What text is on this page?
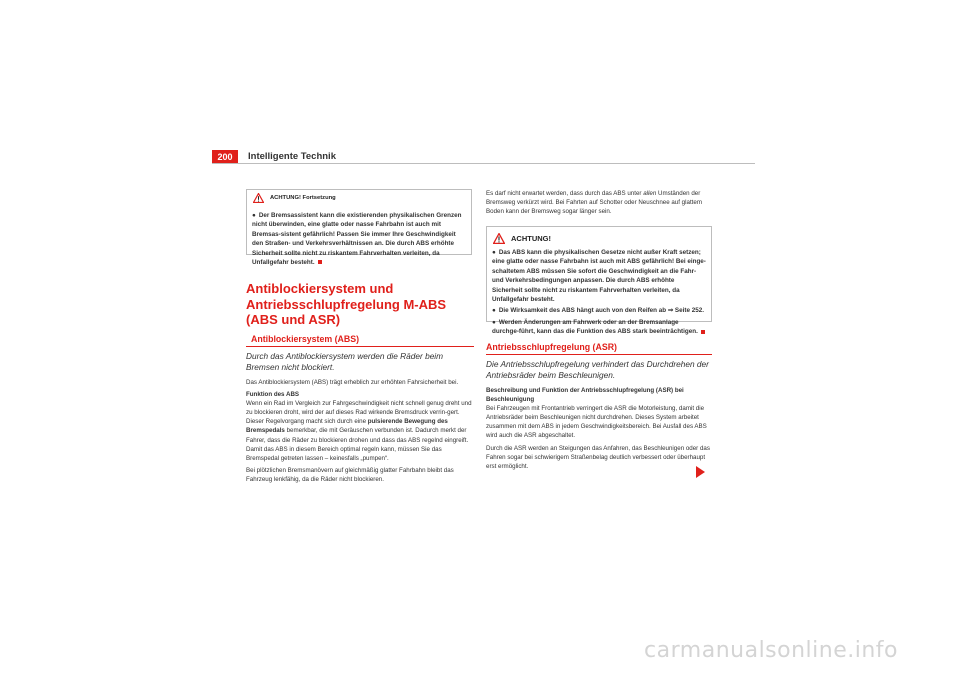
200	Intelligente Technik
ACHTUNG! Fortsetzung

● Der Bremsassistent kann die existierenden physikalischen Grenzen nicht überwinden, eine glatte oder nasse Fahrbahn ist auch mit Bremsas-sistent gefährlich! Passen Sie immer Ihre Geschwindigkeit den Straßen- und Verkehrsverhältnissen an. Die durch ABS erhöhte Sicherheit sollte nicht zu riskantem Fahrverhalten verleiten, da Unfallgefahr besteht.

Antiblockiersystem und Antriebsschlupfregelung M-ABS (ABS und ASR)
Antiblockiersystem (ABS)
Durch das Antiblockiersystem werden die Räder beim Bremsen nicht blockiert.

Das Antiblockiersystem (ABS) trägt erheblich zur erhöhten Fahrsicherheit bei.

Funktion des ABS

Wenn ein Rad im Vergleich zur Fahrgeschwindigkeit nicht schnell genug dreht und zu blockieren droht, wird der auf dieses Rad wirkende Bremsdruck verrin-gert. Dieser Regelvorgang macht sich durch eine pulsierende Bewegung des Bremspedals bemerkbar, die mit Geräuschen verbunden ist. Dadurch merkt der Fahrer, dass die Räder zu blockieren drohen und dass das ABS regelnd eingreift. Damit das ABS in diesem Bereich optimal regeln kann, müssen Sie das Bremspedal getreten lassen – keinesfalls „pumpen“.

Bei plötzlichen Bremsmanövern auf gleichmäßig glatter Fahrbahn bleibt das Fahrzeug lenkfähig, da die Räder nicht blockieren.

Es darf nicht erwartet werden, dass durch das ABS unter allen Umständen der Bremsweg verkürzt wird. Bei Fahrten auf Schotter oder Neuschnee auf glattem Boden kann der Bremsweg sogar länger sein.

ACHTUNG!

● Das ABS kann die physikalischen Gesetze nicht außer Kraft setzen; eine glatte oder nasse Fahrbahn ist auch mit ABS gefährlich! Bei einge-schaltetem ABS müssen Sie sofort die Geschwindigkeit an die Fahr- und Verkehrsbedingungen anpassen. Die durch ABS erhöhte Sicherheit sollte nicht zu riskantem Fahrverhalten verleiten, da Unfallgefahr besteht.

● Die Wirksamkeit des ABS hängt auch von den Reifen ab ⇒ Seite 252.

● Werden Änderungen am Fahrwerk oder an der Bremsanlage durchge-führt, kann das die Funktion des ABS stark beeinträchtigen.

Antriebsschlupfregelung (ASR)
Die Antriebsschlupfregelung verhindert das Durchdrehen der Antriebsräder beim Beschleunigen.

Beschreibung und Funktion der Antriebsschlupfregelung (ASR) bei Beschleunigung

Bei Fahrzeugen mit Frontantrieb verringert die ASR die Motorleistung, damit die Antriebsräder beim Beschleunigen nicht durchdrehen. Dieses System arbeitet zusammen mit dem ABS in jedem Geschwindigkeitsbereich. Bei Ausfall des ABS wird auch die ASR abgeschaltet.

Durch die ASR werden an Steigungen das Anfahren, das Beschleunigen oder das Fahren sogar bei schwierigem Straßenbelag deutlich verbessert oder überhaupt erst ermöglicht.

carmanualsonline.info
